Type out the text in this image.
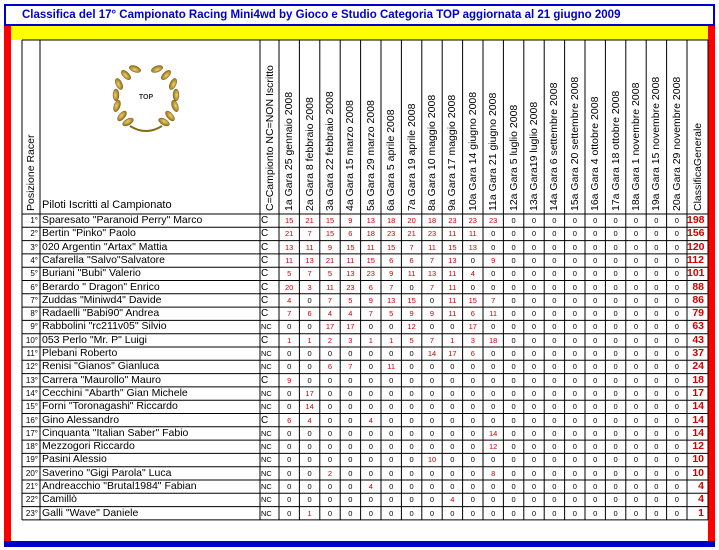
Classifica del 17° Campionato Racing Mini4wd by Gioco e Studio Categoria TOP aggiornata al 21 giugno 2009
TOP
Posizione Racer	C=Campionto NC=NON Iscritto 1a Gara 25 gennaio 2008 2a Gara 8 febbraio 2008 3a Gara 22 febbraio 2008 4a Gara 15 marzo 2008 5a Gara 29 marzo 2008 6a Gara 5 aprile 2008 7a Gara 19 aprile 2008 8a Gara 10 maggio 2008 9a Gara 17 maggio 2008 10a Gara 14 giugno 2008 11a Gara 21 giugno 2008 12a Gara 5 luglio 2008 13a Gara19 luglio 2008 14a Gara 6 settembre 2008 15a Gara 20 settembre 2008 16a Gara 4 ottobre 2008 17a Gara 18 ottobre 2008 18a Gara 1 novembre 2008 19a Gara 15 novembre 2008 20a Gara 29 novembre 2008 ClassificaGenerale
Piloti Iscritti al Campionato
1° Sparesato "Paranoid Perry" Marco	C	15	21	15	9	13	18	20	18	23	23	23	0	0	0	0	0	0	0	0	0 198
2° Bertin "Pinko" Paolo	C	21	7	15	6	18	23	21	23	11	11	0	0	0	0	0	0	0	0	0	0 156
3° 020 Argentin "Artax" Mattia	C	13	11	9	15	11	15	7	11	15	13	0	0	0	0	0	0	0	0	0	0 120
4° Cafarella "Salvo"Salvatore	C	11	13	21	11	15	6	6	7	13	0	9	0	0	0	0	0	0	0	0	0 112
5° Buriani "Bubi" Valerio	C	5	7	5	13	23	9	11	13	11	4	0	0	0	0	0	0	0	0	0	0 101
6° Berardo " Dragon" Enrico	C	20	3	11	23	6	7	0	7	11	0	0	0	0	0	0	0	0	0	0	0	88
7° Zuddas "Miniwd4" Davide	C	4	0	7	5	9	13	15	0	11	15	7	0	0	0	0	0	0	0	0	0	86
8° Radaelli "Babi90" Andrea	C	7	6	4	4	7	5	9	9	11	6	11	0	0	0	0	0	0	0	0	0	79
9° Rabbolini "rc211v05" Silvio	NC	0	0	17	17	0	0	12	0	0	17	0	0	0	0	0	0	0	0	0	0	63
10° 053 Perlo "Mr. P" Luigi	C	1	1	2	3	1	1	5	7	1	3	18	0	0	0	0	0	0	0	0	0	43
11° Plebani Roberto	NC	0	0	0	0	0	0	0	14	17	6	0	0	0	0	0	0	0	0	0	0	37
12° Renisi "Gianos" Gianluca	NC	0	0	6	7	0	11	0	0	0	0	0	0	0	0	0	0	0	0	0	0	24
13° Carrera "Maurollo" Mauro	C	9	0	0	0	0	0	0	0	0	0	0	0	0	0	0	0	0	0	0	0	18
14° Cecchini "Abarth" Gian Michele	NC	0	17	0	0	0	0	0	0	0	0	0	0	0	0	0	0	0	0	0	0	17
15° Forni "Toronagashi" Riccardo	NC	0	14	0	0	0	0	0	0	0	0	0	0	0	0	0	0	0	0	0	0	14
16° Gino Alessandro	C	6	4	0	0	4	0	0	0	0	0	0	0	0	0	0	0	0	0	0	0	14
17° Cinquanta "Italian Saber" Fabio	NC	0	0	0	0	0	0	0	0	0	0	14	0	0	0	0	0	0	0	0	0	14
18° Mezzogori Riccardo	NC	0	0	0	0	0	0	0	0	0	0	12	0	0	0	0	0	0	0	0	0	12
19° Pasini Alessio	NC	0	0	0	0	0	0	0	10	0	0	0	0	0	0	0	0	0	0	0	0	10
20° Saverino "Gigi Parola" Luca	NC	0	0	2	0	0	0	0	0	0	0	8	0	0	0	0	0	0	0	0	0	10
21° Andreacchio "Brutal1984" Fabian	NC	0	0	0	0	4	0	0	0	0	0	0	0	0	0	0	0	0	0	0	0	4
22° Camillò	NC	0	0	0	0	0	0	0	0	4	0	0	0	0	0	0	0	0	0	0	0	4
23° Galli "Wave" Daniele	NC	0	1	0	0	0	0	0	0	0	0	0	0	0	0	0	0	0	0	0	0	1
